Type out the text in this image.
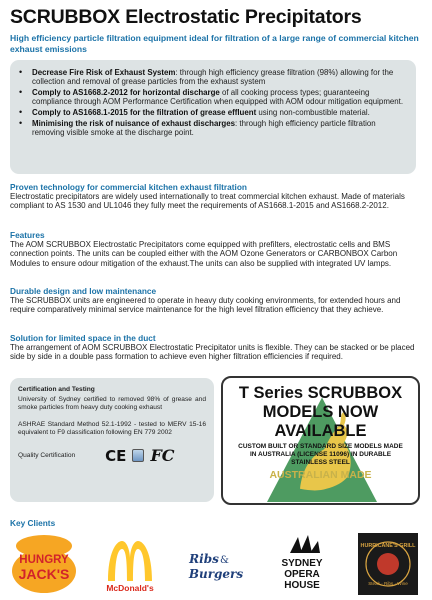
SCRUBBOX Electrostatic Precipitators
High efficiency particle filtration equipment ideal for filtration of a large range of commercial kitchen exhaust emissions
• Decrease Fire Risk of Exhaust System: through high efficiency grease filtration (98%) allowing for the collection and removal of grease particles from the exhaust system
• Comply to AS1668.2-2012 for horizontal discharge of all cooking process types; guaranteeing compliance through AOM Performance Certification when equipped with AOM odour mitigation equipment.
• Comply to AS1668.1-2015 for the filtration of grease effluent using non-combustible material.
• Minimising the risk of nuisance of exhaust discharges: through high efficiency particle filtration removing visible smoke at the discharge point.
Proven technology for commercial kitchen exhaust filtration
Electrostatic precipitators are widely used internationally to treat commercial kitchen exhaust. Made of materials compliant to AS 1530 and UL1046 they fully meet the requirements of AS1668.1-2015 and AS1668.2-2012.
Features
The AOM SCRUBBOX Electrostatic Precipitators come equipped with prefilters, electrostatic cells and BMS connection points. The units can be coupled either with the AOM Ozone Generators or CARBONBOX Carbon Modules to ensure odour mitigation of the exhaust.The units can also be supplied with integrated UV lamps.
Durable design and low maintenance
The SCRUBBOX units are engineered to operate in heavy duty cooking environments, for extended hours and require comparatively minimal service maintenance for the high level filtration efficiency that they achieve.
Solution for limited space in the duct
The arrangement of AOM SCRUBBOX Electrostatic Precipitator units is flexible. They can be stacked or be placed side by side in a double pass formation to achieve even higher filtration efficiencies if required.
Certification and Testing
University of Sydney certified to removed 98% of grease and smoke particles from heavy duty cooking exhaust
ASHRAE Standard Method 52.1-1992 - tested to MERV 15-16 equivalent to F9 classification following EN 779 2002
Quality Certification CE FC
T Series SCRUBBOX
MODELS NOW
AVAILABLE
CUSTOM BUILT OR STANDARD SIZE MODELS MADE IN AUSTRALIA (LICENSE 11096) IN DURABLE STAINLESS STEEL
AUSTRALIAN MADE
Key Clients
HUNGRY
JACK'S
McDonald's
Ribs &
Burgers
SYDNEY
OPERA
HOUSE
HURRICANE'S GRILL
Steak · Ribs · Wine
